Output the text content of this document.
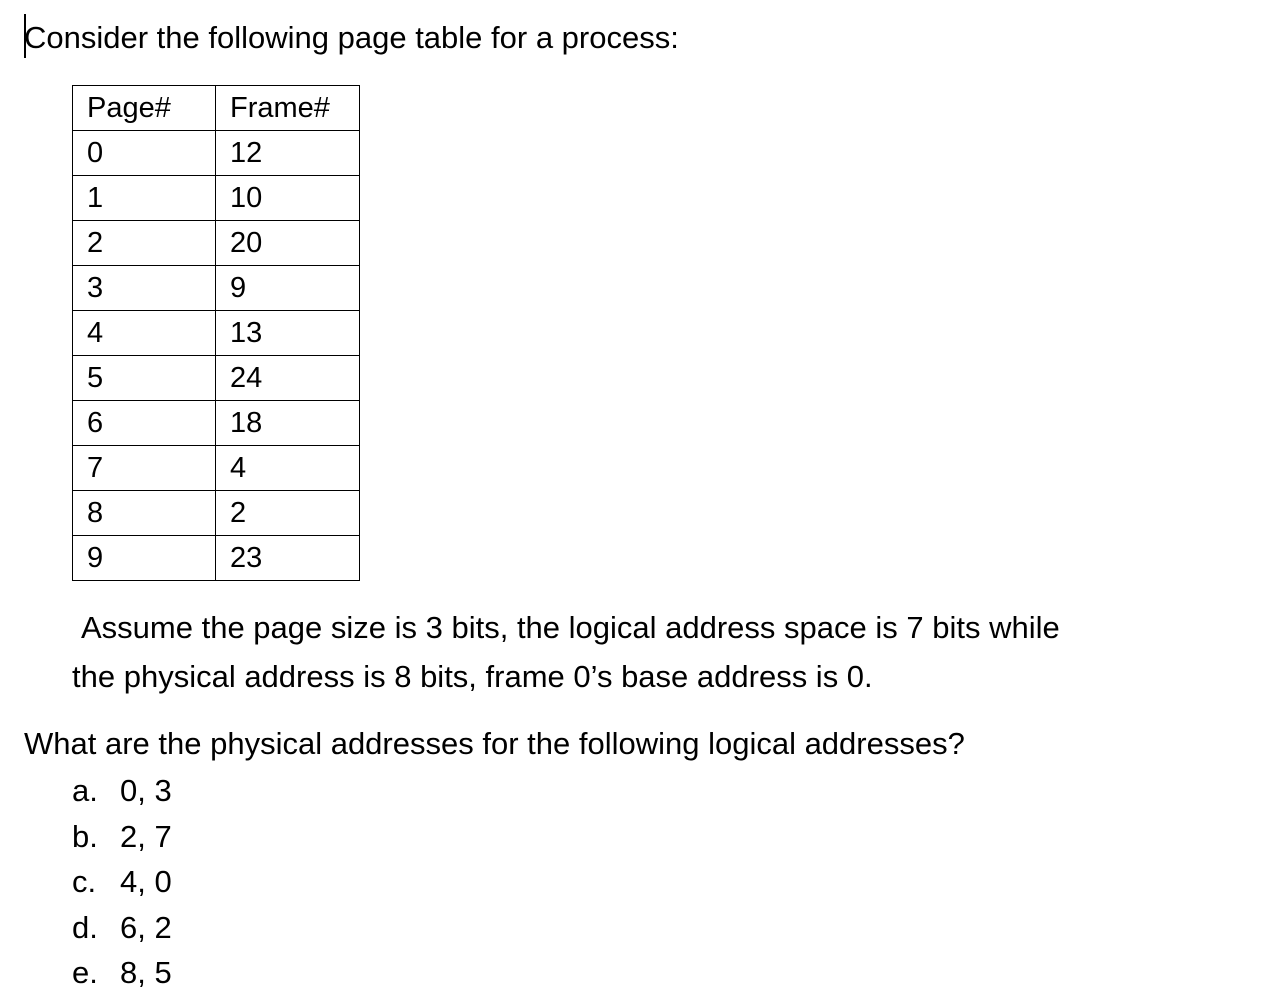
Consider the following page table for a process:
Page#	Frame#
0	12
1	10
2	20
3	9
4	13
5	24
6	18
7	4
8	2
9	23
Assume the page size is 3 bits, the logical address space is 7 bits while
the physical address is 8 bits, frame 0’s base address is 0.
What are the physical addresses for the following logical addresses?
a. 0, 3
b. 2, 7
c. 4, 0
d. 6, 2
e. 8, 5
